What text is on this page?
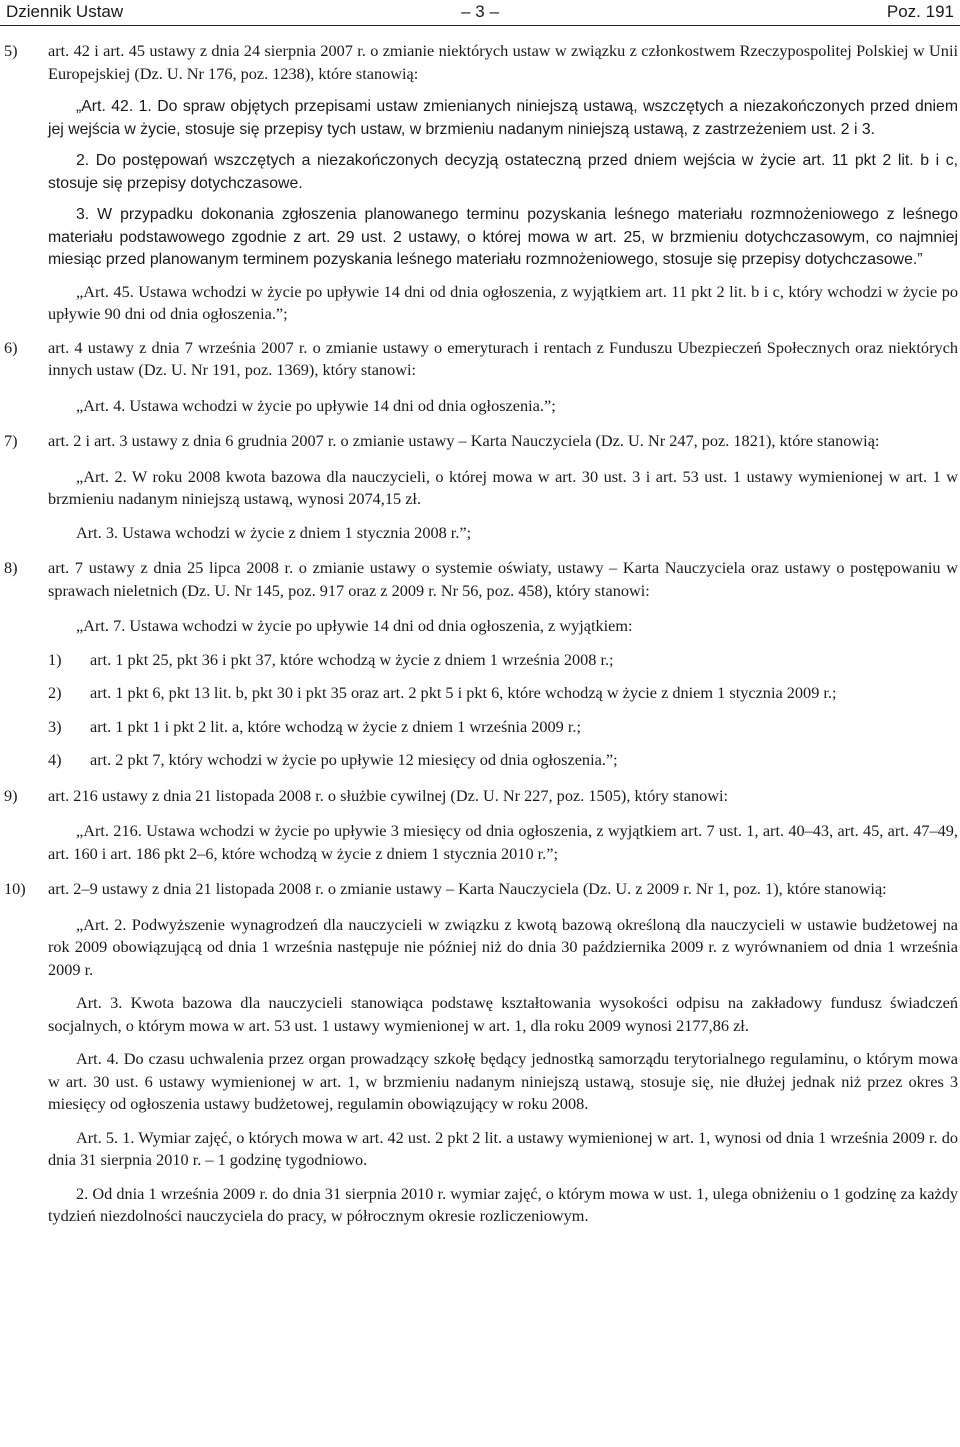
Dziennik Ustaw	– 3 –	Poz. 191
5) art. 42 i art. 45 ustawy z dnia 24 sierpnia 2007 r. o zmianie niektórych ustaw w związku z członkostwem Rzeczypospolitej Polskiej w Unii Europejskiej (Dz. U. Nr 176, poz. 1238), które stanowią:

„Art. 42. 1. Do spraw objętych przepisami ustaw zmienianych niniejszą ustawą, wszczętych a niezakończonych przed dniem jej wejścia w życie, stosuje się przepisy tych ustaw, w brzmieniu nadanym niniejszą ustawą, z zastrzeżeniem ust. 2 i 3.

2. Do postępowań wszczętych a niezakończonych decyzją ostateczną przed dniem wejścia w życie art. 11 pkt 2 lit. b i c, stosuje się przepisy dotychczasowe.

3. W przypadku dokonania zgłoszenia planowanego terminu pozyskania leśnego materiału rozmnożeniowego z leśnego materiału podstawowego zgodnie z art. 29 ust. 2 ustawy, o której mowa w art. 25, w brzmieniu dotychczasowym, co najmniej miesiąc przed planowanym terminem pozyskania leśnego materiału rozmnożeniowego, stosuje się przepisy dotychczasowe.”

„Art. 45. Ustawa wchodzi w życie po upływie 14 dni od dnia ogłoszenia, z wyjątkiem art. 11 pkt 2 lit. b i c, który wchodzi w życie po upływie 90 dni od dnia ogłoszenia.”;

6) art. 4 ustawy z dnia 7 września 2007 r. o zmianie ustawy o emeryturach i rentach z Funduszu Ubezpieczeń Społecznych oraz niektórych innych ustaw (Dz. U. Nr 191, poz. 1369), który stanowi:

„Art. 4. Ustawa wchodzi w życie po upływie 14 dni od dnia ogłoszenia.”;

7) art. 2 i art. 3 ustawy z dnia 6 grudnia 2007 r. o zmianie ustawy – Karta Nauczyciela (Dz. U. Nr 247, poz. 1821), które stanowią:

„Art. 2. W roku 2008 kwota bazowa dla nauczycieli, o której mowa w art. 30 ust. 3 i art. 53 ust. 1 ustawy wymienionej w art. 1 w brzmieniu nadanym niniejszą ustawą, wynosi 2074,15 zł.

Art. 3. Ustawa wchodzi w życie z dniem 1 stycznia 2008 r.”;

8) art. 7 ustawy z dnia 25 lipca 2008 r. o zmianie ustawy o systemie oświaty, ustawy – Karta Nauczyciela oraz ustawy o postępowaniu w sprawach nieletnich (Dz. U. Nr 145, poz. 917 oraz z 2009 r. Nr 56, poz. 458), który stanowi:

„Art. 7. Ustawa wchodzi w życie po upływie 14 dni od dnia ogłoszenia, z wyjątkiem:

1) art. 1 pkt 25, pkt 36 i pkt 37, które wchodzą w życie z dniem 1 września 2008 r.;

2) art. 1 pkt 6, pkt 13 lit. b, pkt 30 i pkt 35 oraz art. 2 pkt 5 i pkt 6, które wchodzą w życie z dniem 1 stycznia 2009 r.;

3) art. 1 pkt 1 i pkt 2 lit. a, które wchodzą w życie z dniem 1 września 2009 r.;

4) art. 2 pkt 7, który wchodzi w życie po upływie 12 miesięcy od dnia ogłoszenia.”;

9) art. 216 ustawy z dnia 21 listopada 2008 r. o służbie cywilnej (Dz. U. Nr 227, poz. 1505), który stanowi:

„Art. 216. Ustawa wchodzi w życie po upływie 3 miesięcy od dnia ogłoszenia, z wyjątkiem art. 7 ust. 1, art. 40–43, art. 45, art. 47–49, art. 160 i art. 186 pkt 2–6, które wchodzą w życie z dniem 1 stycznia 2010 r.”;

10) art. 2–9 ustawy z dnia 21 listopada 2008 r. o zmianie ustawy – Karta Nauczyciela (Dz. U. z 2009 r. Nr 1, poz. 1), które stanowią:

„Art. 2. Podwyższenie wynagrodzeń dla nauczycieli w związku z kwotą bazową określoną dla nauczycieli w ustawie budżetowej na rok 2009 obowiązującą od dnia 1 września następuje nie później niż do dnia 30 października 2009 r. z wyrównaniem od dnia 1 września 2009 r.

Art. 3. Kwota bazowa dla nauczycieli stanowiąca podstawę kształtowania wysokości odpisu na zakładowy fundusz świadczeń socjalnych, o którym mowa w art. 53 ust. 1 ustawy wymienionej w art. 1, dla roku 2009 wynosi 2177,86 zł.

Art. 4. Do czasu uchwalenia przez organ prowadzący szkołę będący jednostką samorządu terytorialnego regulaminu, o którym mowa w art. 30 ust. 6 ustawy wymienionej w art. 1, w brzmieniu nadanym niniejszą ustawą, stosuje się, nie dłużej jednak niż przez okres 3 miesięcy od ogłoszenia ustawy budżetowej, regulamin obowiązujący w roku 2008.

Art. 5. 1. Wymiar zajęć, o których mowa w art. 42 ust. 2 pkt 2 lit. a ustawy wymienionej w art. 1, wynosi od dnia 1 września 2009 r. do dnia 31 sierpnia 2010 r. – 1 godzinę tygodniowo.

2. Od dnia 1 września 2009 r. do dnia 31 sierpnia 2010 r. wymiar zajęć, o którym mowa w ust. 1, ulega obniżeniu o 1 godzinę za każdy tydzień niezdolności nauczyciela do pracy, w półrocznym okresie rozliczeniowym.
